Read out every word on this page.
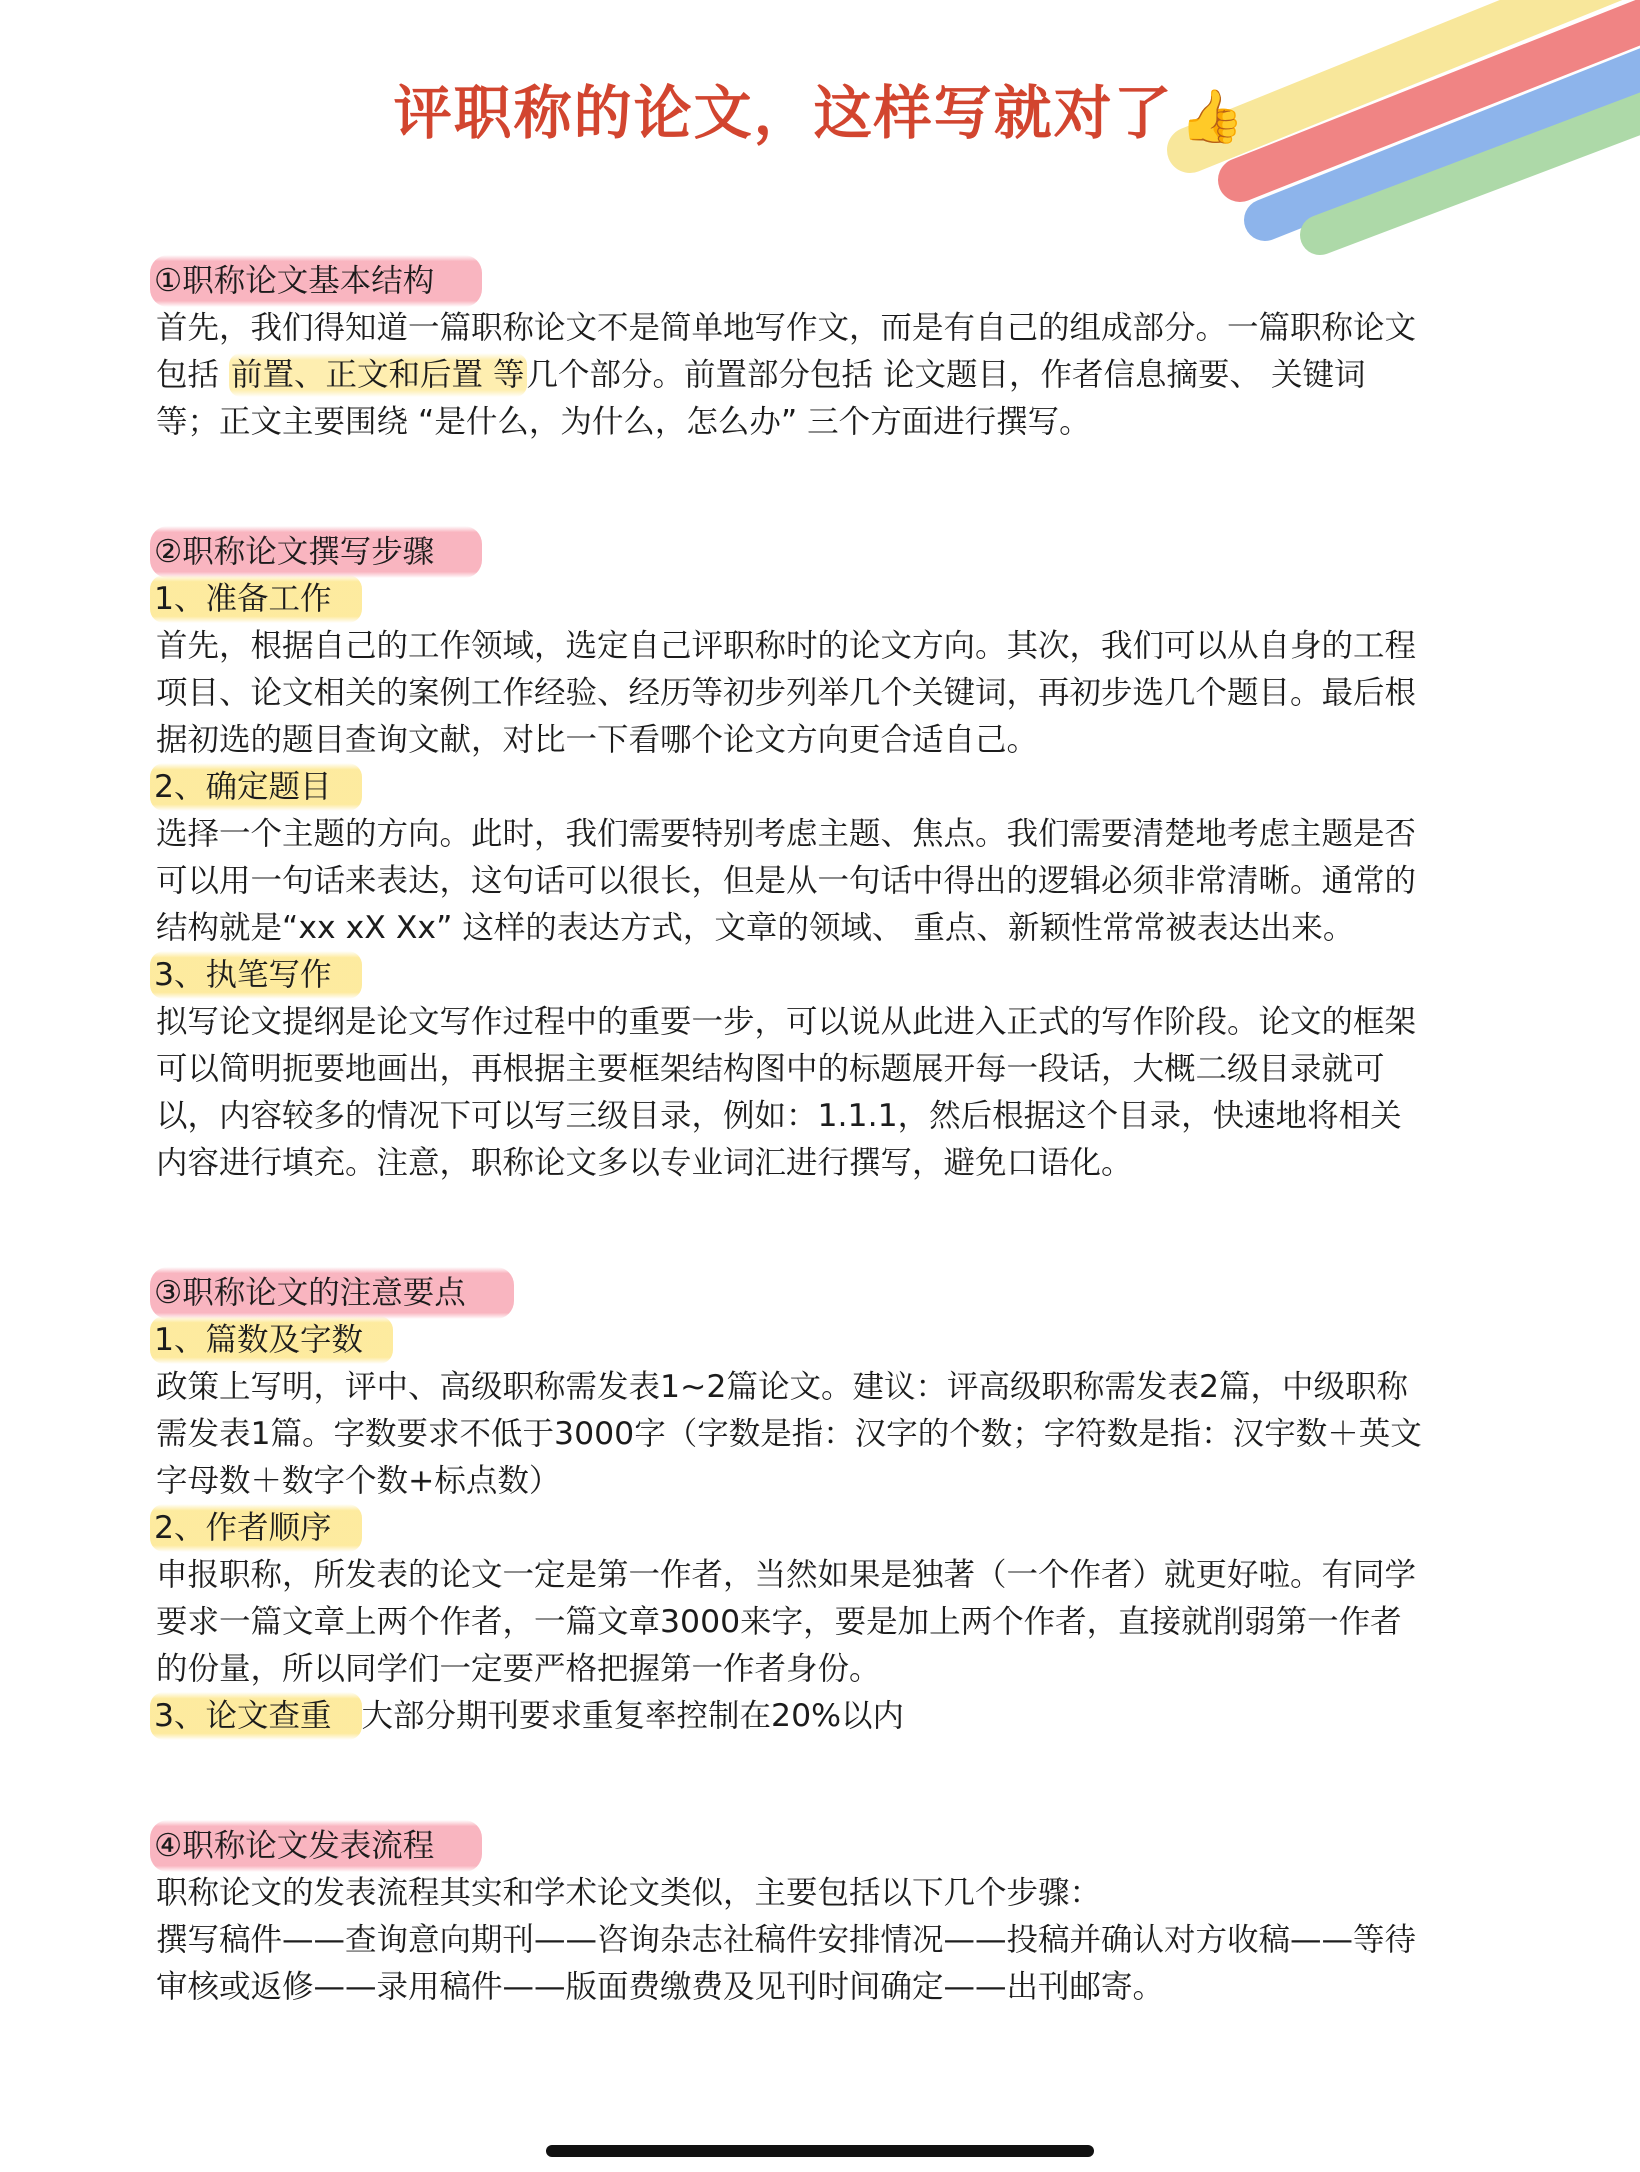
评职称的论文，这样写就对了 👍

①职称论文基本结构

首先，我们得知道一篇职称论文不是简单地写作文，而是有自己的组成部分。一篇职称论文

包括 前置、正文和后置 等几个部分。前置部分包括 论文题目，作者信息摘要、 关键词

等；正文主要围绕 “是什么，为什么，怎么办” 三个方面进行撰写。

②职称论文撰写步骤

1、准备工作

首先，根据自己的工作领域，选定自己评职称时的论文方向。其次，我们可以从自身的工程

项目、论文相关的案例工作经验、经历等初步列举几个关键词，再初步选几个题目。最后根

据初选的题目查询文献，对比一下看哪个论文方向更合适自己。

2、确定题目

选择一个主题的方向。此时，我们需要特别考虑主题、焦点。我们需要清楚地考虑主题是否

可以用一句话来表达，这句话可以很长，但是从一句话中得出的逻辑必须非常清晰。通常的

结构就是“xx xX Xx” 这样的表达方式，文章的领域、 重点、新颖性常常被表达出来。

3、执笔写作

拟写论文提纲是论文写作过程中的重要一步，可以说从此进入正式的写作阶段。论文的框架

可以简明扼要地画出，再根据主要框架结构图中的标题展开每一段话，大概二级目录就可

以，内容较多的情况下可以写三级目录，例如：1.1.1，然后根据这个目录，快速地将相关

内容进行填充。注意，职称论文多以专业词汇进行撰写，避免口语化。

③职称论文的注意要点

1、篇数及字数

政策上写明，评中、高级职称需发表1~2篇论文。建议：评高级职称需发表2篇，中级职称

需发表1篇。字数要求不低于3000字（字数是指：汉字的个数；字符数是指：汉宇数＋英文

字母数＋数字个数+标点数）

2、作者顺序

申报职称，所发表的论文一定是第一作者，当然如果是独著（一个作者）就更好啦。有同学

要求一篇文章上两个作者，一篇文章3000来字，要是加上两个作者，直接就削弱第一作者

的份量，所以同学们一定要严格把握第一作者身份。

3、论文查重 大部分期刊要求重复率控制在20%以内

④职称论文发表流程

职称论文的发表流程其实和学术论文类似，主要包括以下几个步骤：

撰写稿件——查询意向期刊——咨询杂志社稿件安排情况——投稿并确认对方收稿——等待

审核或返修——录用稿件——版面费缴费及见刊时间确定——出刊邮寄。
